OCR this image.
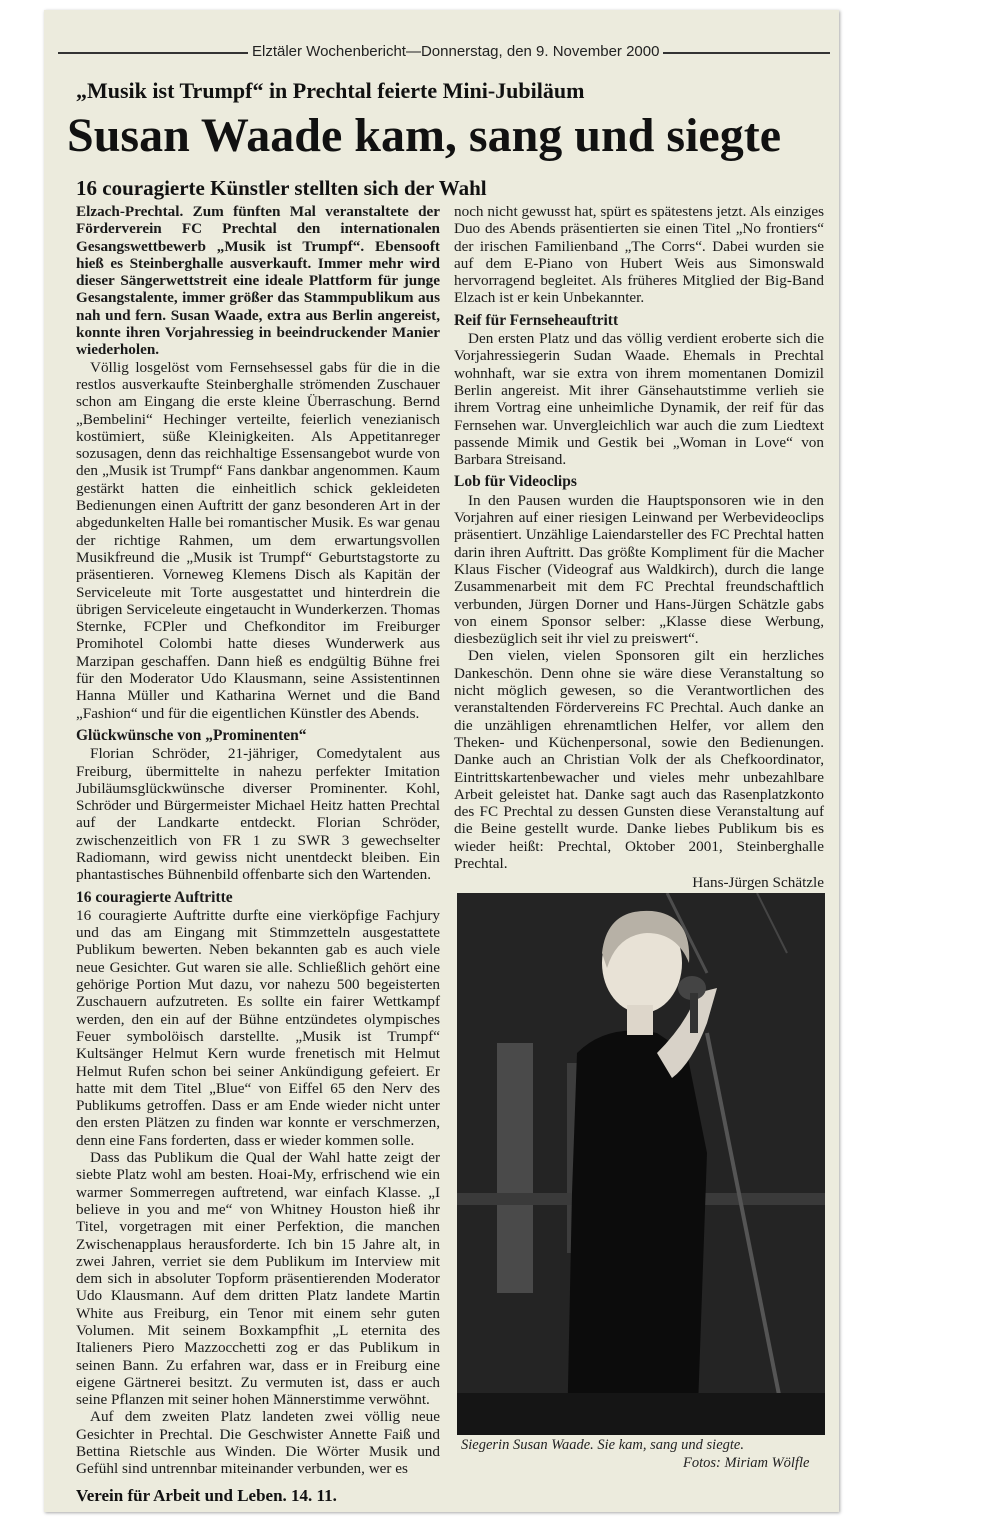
Elztäler Wochenbericht—Donnerstag, den 9. November 2000
„Musik ist Trumpf“ in Prechtal feierte Mini-Jubiläum
Susan Waade kam, sang und siegte
16 couragierte Künstler stellten sich der Wahl

Elzach-Prechtal. Zum fünften Mal veranstaltete der Förderverein FC Prechtal den internationalen Gesangswettbewerb „Musik ist Trumpf“. Ebensooft hieß es Steinberghalle ausverkauft. Immer mehr wird dieser Sängerwettstreit eine ideale Plattform für junge Gesangstalente, immer größer das Stammpublikum aus nah und fern. Susan Waade, extra aus Berlin angereist, konnte ihren Vorjahressieg in beeindruckender Manier wiederholen.

Völlig losgelöst vom Fernsehsessel gabs für die in die restlos ausverkaufte Steinberghalle strömenden Zuschauer schon am Eingang die erste kleine Überraschung. Bernd „Bembelini“ Hechinger verteilte, feierlich venezianisch kostümiert, süße Kleinigkeiten. Als Appetitanreger sozusagen, denn das reichhaltige Essensangebot wurde von den „Musik ist Trumpf“ Fans dankbar angenommen. Kaum gestärkt hatten die einheitlich schick gekleideten Bedienungen einen Auftritt der ganz besonderen Art in der abgedunkelten Halle bei romantischer Musik. Es war genau der richtige Rahmen, um dem erwartungsvollen Musikfreund die „Musik ist Trumpf“ Geburtstagstorte zu präsentieren. Vorneweg Klemens Disch als Kapitän der Serviceleute mit Torte ausgestattet und hinterdrein die übrigen Serviceleute eingetaucht in Wunderkerzen. Thomas Sternke, FCPler und Chefkonditor im Freiburger Promihotel Colombi hatte dieses Wunderwerk aus Marzipan geschaffen. Dann hieß es endgültig Bühne frei für den Moderator Udo Klausmann, seine Assistentinnen Hanna Müller und Katharina Wernet und die Band „Fashion“ und für die eigentlichen Künstler des Abends.

Glückwünsche von „Prominenten“

Florian Schröder, 21-jähriger, Comedytalent aus Freiburg, übermittelte in nahezu perfekter Imitation Jubiläumsglückwünsche diverser Prominenter. Kohl, Schröder und Bürgermeister Michael Heitz hatten Prechtal auf der Landkarte entdeckt. Florian Schröder, zwischenzeitlich von FR 1 zu SWR 3 gewechselter Radiomann, wird gewiss nicht unentdeckt bleiben. Ein phantastisches Bühnenbild offenbarte sich den Wartenden.

16 couragierte Auftritte

16 couragierte Auftritte durfte eine vierköpfige Fachjury und das am Eingang mit Stimmzetteln ausgestattete Publikum bewerten. Neben bekannten gab es auch viele neue Gesichter. Gut waren sie alle. Schließlich gehört eine gehörige Portion Mut dazu, vor nahezu 500 begeisterten Zuschauern aufzutreten. Es sollte ein fairer Wettkampf werden, den ein auf der Bühne entzündetes olympisches Feuer symbolöisch darstellte. „Musik ist Trumpf“ Kultsänger Helmut Kern wurde frenetisch mit Helmut Helmut Rufen schon bei seiner Ankündigung gefeiert. Er hatte mit dem Titel „Blue“ von Eiffel 65 den Nerv des Publikums getroffen. Dass er am Ende wieder nicht unter den ersten Plätzen zu finden war konnte er verschmerzen, denn eine Fans forderten, dass er wieder kommen solle.

Dass das Publikum die Qual der Wahl hatte zeigt der siebte Platz wohl am besten. Hoai-My, erfrischend wie ein warmer Sommerregen auftretend, war einfach Klasse. „I believe in you and me“ von Whitney Houston hieß ihr Titel, vorgetragen mit einer Perfektion, die manchen Zwischenapplaus herausforderte. Ich bin 15 Jahre alt, in zwei Jahren, verriet sie dem Publikum im Interview mit dem sich in absoluter Topform präsentierenden Moderator Udo Klausmann. Auf dem dritten Platz landete Martin White aus Freiburg, ein Tenor mit einem sehr guten Volumen. Mit seinem Boxkampfhit „L eternita des Italieners Piero Mazzocchetti zog er das Publikum in seinen Bann. Zu erfahren war, dass er in Freiburg eine eigene Gärtnerei besitzt. Zu vermuten ist, dass er auch seine Pflanzen mit seiner hohen Männerstimme verwöhnt.

Auf dem zweiten Platz landeten zwei völlig neue Gesichter in Prechtal. Die Geschwister Annette Faiß und Bettina Rietschle aus Winden. Die Wörter Musik und Gefühl sind untrennbar miteinander verbunden, wer es

noch nicht gewusst hat, spürt es spätestens jetzt. Als einziges Duo des Abends präsentierten sie einen Titel „No frontiers“ der irischen Familienband „The Corrs“. Dabei wurden sie auf dem E-Piano von Hubert Weis aus Simonswald hervorragend begleitet. Als früheres Mitglied der Big-Band Elzach ist er kein Unbekannter.

Reif für Fernseheauftritt

Den ersten Platz und das völlig verdient eroberte sich die Vorjahressiegerin Sudan Waade. Ehemals in Prechtal wohnhaft, war sie extra von ihrem momentanen Domizil Berlin angereist. Mit ihrer Gänsehautstimme verlieh sie ihrem Vortrag eine unheimliche Dynamik, der reif für das Fernsehen war. Unvergleichlich war auch die zum Liedtext passende Mimik und Gestik bei „Woman in Love“ von Barbara Streisand.

Lob für Videoclips

In den Pausen wurden die Hauptsponsoren wie in den Vorjahren auf einer riesigen Leinwand per Werbevideoclips präsentiert. Unzählige Laiendarsteller des FC Prechtal hatten darin ihren Auftritt. Das größte Kompliment für die Macher Klaus Fischer (Videograf aus Waldkirch), durch die lange Zusammenarbeit mit dem FC Prechtal freundschaftlich verbunden, Jürgen Dorner und Hans-Jürgen Schätzle gabs von einem Sponsor selber: „Klasse diese Werbung, diesbezüglich seit ihr viel zu preiswert“.

Den vielen, vielen Sponsoren gilt ein herzliches Dankeschön. Denn ohne sie wäre diese Veranstaltung so nicht möglich gewesen, so die Verantwortlichen des veranstaltenden Fördervereins FC Prechtal. Auch danke an die unzähligen ehrenamtlichen Helfer, vor allem den Theken- und Küchenpersonal, sowie den Bedienungen. Danke auch an Christian Volk der als Chefkoordinator, Eintrittskartenbewacher und vieles mehr unbezahlbare Arbeit geleistet hat. Danke sagt auch das Rasenplatzkonto des FC Prechtal zu dessen Gunsten diese Veranstaltung auf die Beine gestellt wurde. Danke liebes Publikum bis es wieder heißt: Prechtal, Oktober 2001, Steinberghalle Prechtal.

Hans-Jürgen Schätzle

Siegerin Susan Waade. Sie kam, sang und siegte.
Fotos: Miriam Wölfle
Verein für Arbeit und Leben. 14. 11.
